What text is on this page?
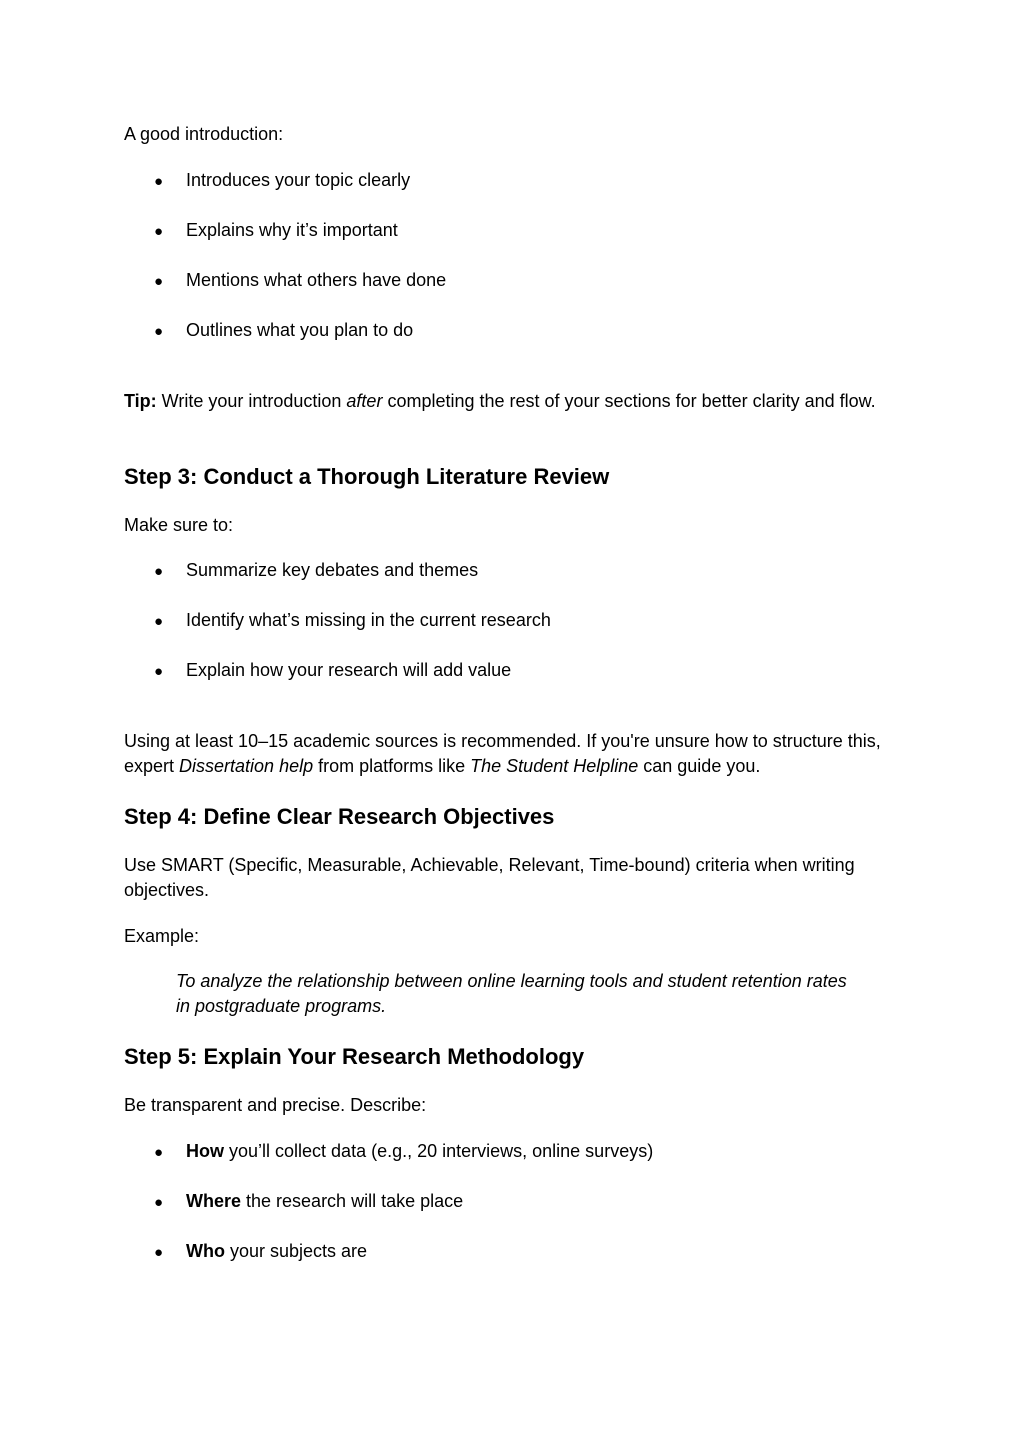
A good introduction:

● Introduces your topic clearly
● Explains why it’s important
● Mentions what others have done
● Outlines what you plan to do

Tip: Write your introduction after completing the rest of your sections for better clarity and flow.

Step 3: Conduct a Thorough Literature Review

Make sure to:

● Summarize key debates and themes
● Identify what’s missing in the current research
● Explain how your research will add value

Using at least 10–15 academic sources is recommended. If you're unsure how to structure this, expert Dissertation help from platforms like The Student Helpline can guide you.

Step 4: Define Clear Research Objectives

Use SMART (Specific, Measurable, Achievable, Relevant, Time-bound) criteria when writing objectives.

Example:

To analyze the relationship between online learning tools and student retention rates in postgraduate programs.

Step 5: Explain Your Research Methodology

Be transparent and precise. Describe:

● How you’ll collect data (e.g., 20 interviews, online surveys)
● Where the research will take place
● Who your subjects are
